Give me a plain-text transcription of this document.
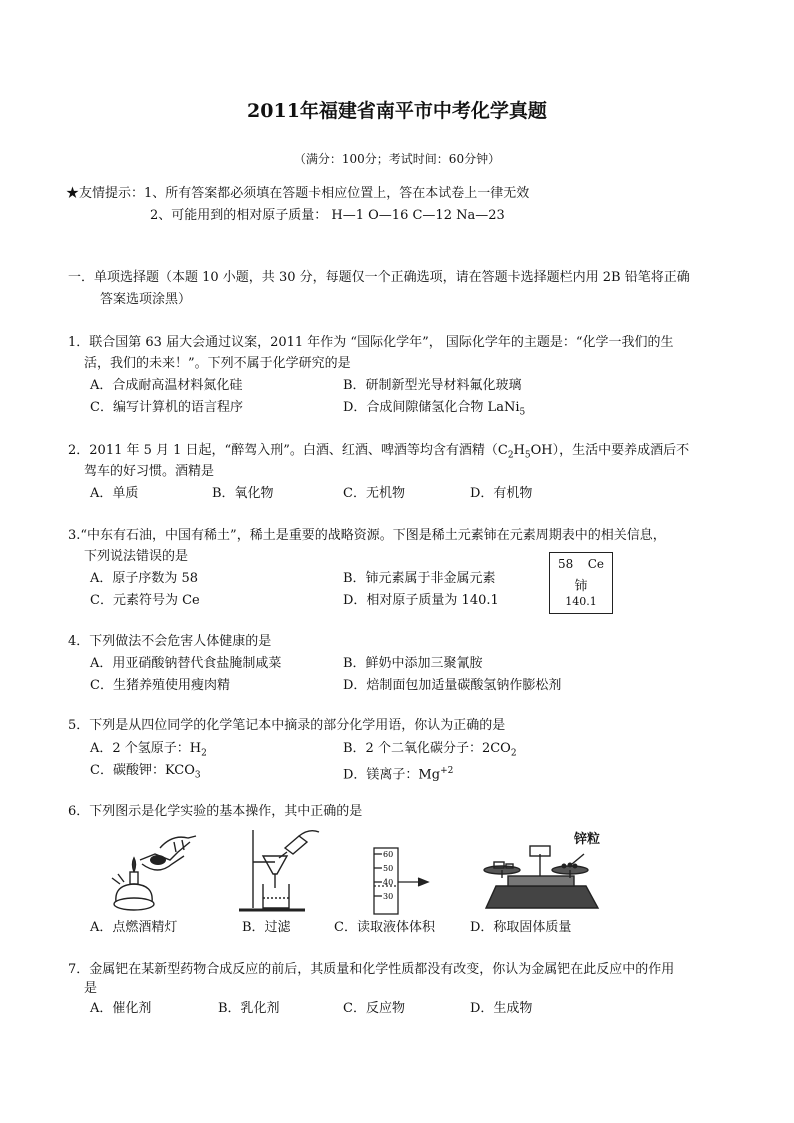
2011年福建省南平市中考化学真题
（满分：100分；考试时间：60分钟）
★友情提示：1、所有答案都必须填在答题卡相应位置上，答在本试卷上一律无效
2、可能用到的相对原子质量： H—1 O—16 C—12 Na—23
一．单项选择题（本题 10 小题，共 30 分，每题仅一个正确选项，请在答题卡选择题栏内用 2B 铅笔将正确
答案选项涂黑）
1．联合国第 63 届大会通过议案，2011 年作为 “国际化学年”， 国际化学年的主题是：“化学一我们的生
活，我们的未来！”。下列不属于化学研究的是
A．合成耐高温材料氮化硅	B．研制新型光导材料氟化玻璃
C．编写计算机的语言程序	D．合成间隙储氢化合物 LaNi$_5$
2．2011 年 5 月 1 日起，“醉驾入刑”。白酒、红酒、啤酒等均含有酒精$(C_2H_5OH)$，生活中要养成酒后不
驾车的好习惯。酒精是
A．单质	B．氧化物	C．无机物	D．有机物
3.“中东有石油，中国有稀土”，稀土是重要的战略资源。下图是稀土元素铈在元素周期表中的相关信息，
下列说法错误的是
A．原子序数为 58	B．铈元素属于非金属元素
C．元素符号为 Ce	D．相对原子质量为 140.1
58 Ce
铈
140.1
4．下列做法不会危害人体健康的是
A．用亚硝酸钠替代食盐腌制咸菜	B．鲜奶中添加三聚氰胺
C．生猪养殖使用瘦肉精	D．焙制面包加适量碳酸氢钠作膨松剂
5．下列是从四位同学的化学笔记本中摘录的部分化学用语，你认为正确的是
A．2 个氢原子：$H_2$	B．2 个二氧化碳分子：$2CO_2$
C．碳酸钾：$KCO_3$	D．镁离子：$Mg^{+2}$
6．下列图示是化学实验的基本操作，其中正确的是
60
50
40
30
锌粒
A．点燃酒精灯	B．过滤	C．读取液体体积	D．称取固体质量
7．金属钯在某新型药物合成反应的前后，其质量和化学性质都没有改变，你认为金属钯在此反应中的作用
是
A．催化剂	B．乳化剂	C．反应物	D．生成物
